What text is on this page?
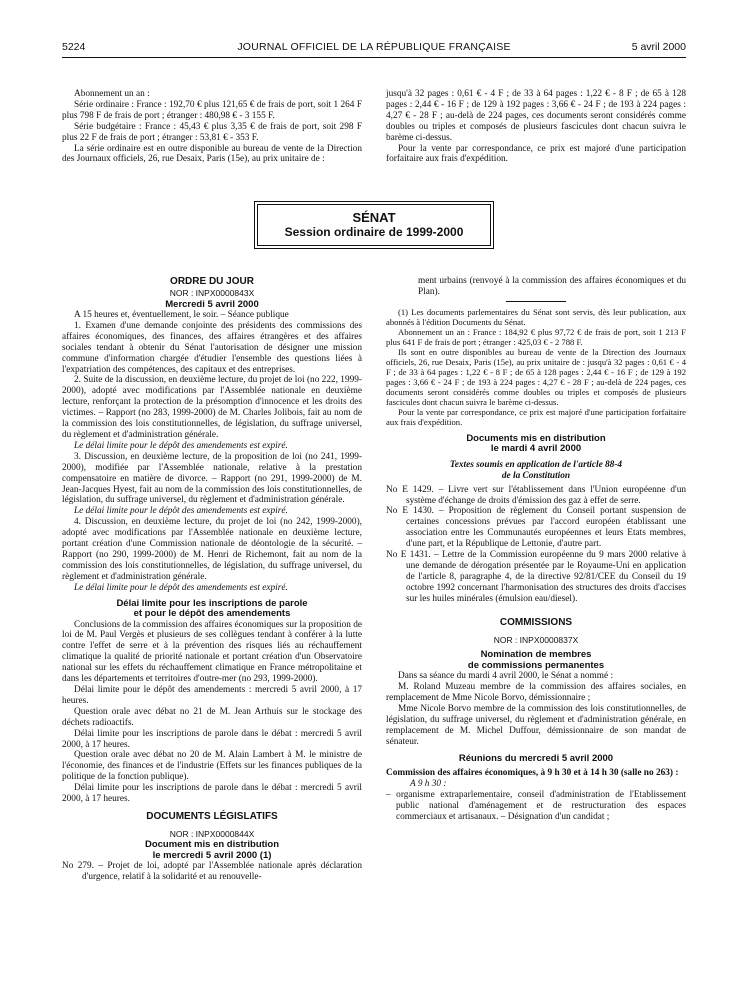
5224	JOURNAL OFFICIEL DE LA RÉPUBLIQUE FRANÇAISE	5 avril 2000

Abonnement un an :

Série ordinaire : France : 192,70 € plus 121,65 € de frais de port, soit 1 264 F plus 798 F de frais de port ; étranger : 480,98 € - 3 155 F.

Série budgétaire : France : 45,43 € plus 3,35 € de frais de port, soit 298 F plus 22 F de frais de port ; étranger : 53,81 € - 353 F.

La série ordinaire est en outre disponible au bureau de vente de la Direction des Journaux officiels, 26, rue Desaix, Paris (15e), au prix unitaire de :

jusqu'à 32 pages : 0,61 € - 4 F ; de 33 à 64 pages : 1,22 € - 8 F ; de 65 à 128 pages : 2,44 € - 16 F ; de 129 à 192 pages : 3,66 € - 24 F ; de 193 à 224 pages : 4,27 € - 28 F ; au-delà de 224 pages, ces documents seront considérés comme doubles ou triples et composés de plusieurs fascicules dont chacun suivra le barème ci-dessus.

Pour la vente par correspondance, ce prix est majoré d'une participation forfaitaire aux frais d'expédition.

SÉNAT
Session ordinaire de 1999-2000

ORDRE DU JOUR

NOR : INPX0000843X

Mercredi 5 avril 2000

A 15 heures et, éventuellement, le soir. – Séance publique

1. Examen d'une demande conjointe des présidents des commissions des affaires économiques, des finances, des affaires étrangères et des affaires sociales tendant à obtenir du Sénat l'autorisation de désigner une mission commune d'information chargée d'étudier l'ensemble des questions liées à l'expatriation des compétences, des capitaux et des entreprises.

2. Suite de la discussion, en deuxième lecture, du projet de loi (no 222, 1999-2000), adopté avec modifications par l'Assemblée nationale en deuxième lecture, renforçant la protection de la présomption d'innocence et les droits des victimes. – Rapport (no 283, 1999-2000) de M. Charles Jolibois, fait au nom de la commission des lois constitutionnelles, de législation, du suffrage universel, du règlement et d'administration générale.

Le délai limite pour le dépôt des amendements est expiré.

3. Discussion, en deuxième lecture, de la proposition de loi (no 241, 1999-2000), modifiée par l'Assemblée nationale, relative à la prestation compensatoire en matière de divorce. – Rapport (no 291, 1999-2000) de M. Jean-Jacques Hyest, fait au nom de la commission des lois constitutionnelles, de législation, du suffrage universel, du règlement et d'administration générale.

Le délai limite pour le dépôt des amendements est expiré.

4. Discussion, en deuxième lecture, du projet de loi (no 242, 1999-2000), adopté avec modifications par l'Assemblée nationale en deuxième lecture, portant création d'une Commission nationale de déontologie de la sécurité. – Rapport (no 290, 1999-2000) de M. Henri de Richemont, fait au nom de la commission des lois constitutionnelles, de législation, du suffrage universel, du règlement et d'administration générale.

Le délai limite pour le dépôt des amendements est expiré.

Délai limite pour les inscriptions de parole

et pour le dépôt des amendements

Conclusions de la commission des affaires économiques sur la proposition de loi de M. Paul Vergès et plusieurs de ses collègues tendant à conférer à la lutte contre l'effet de serre et à la prévention des risques liés au réchauffement climatique la qualité de priorité nationale et portant création d'un Observatoire national sur les effets du réchauffement climatique en France métropolitaine et dans les départements et territoires d'outre-mer (no 293, 1999-2000).

Délai limite pour le dépôt des amendements : mercredi 5 avril 2000, à 17 heures.

Question orale avec débat no 21 de M. Jean Arthuis sur le stockage des déchets radioactifs.

Délai limite pour les inscriptions de parole dans le débat : mercredi 5 avril 2000, à 17 heures.

Question orale avec débat no 20 de M. Alain Lambert à M. le ministre de l'économie, des finances et de l'industrie (Effets sur les finances publiques de la politique de la fonction publique).

Délai limite pour les inscriptions de parole dans le débat : mercredi 5 avril 2000, à 17 heures.

DOCUMENTS LÉGISLATIFS

NOR : INPX0000844X

Document mis en distribution

le mercredi 5 avril 2000 (1)

No 279. – Projet de loi, adopté par l'Assemblée nationale après déclaration d'urgence, relatif à la solidarité et au renouvelle-

ment urbains (renvoyé à la commission des affaires économiques et du Plan).

(1) Les documents parlementaires du Sénat sont servis, dès leur publication, aux abonnés à l'édition Documents du Sénat.

Abonnement un an : France : 184,92 € plus 97,72 € de frais de port, soit 1 213 F plus 641 F de frais de port ; étranger : 425,03 € - 2 788 F.

Ils sont en outre disponibles au bureau de vente de la Direction des Journaux officiels, 26, rue Desaix, Paris (15e), au prix unitaire de : jusqu'à 32 pages : 0,61 € - 4 F ; de 33 à 64 pages : 1,22 € - 8 F ; de 65 à 128 pages : 2,44 € - 16 F ; de 129 à 192 pages : 3,66 € - 24 F ; de 193 à 224 pages : 4,27 € - 28 F ; au-delà de 224 pages, ces documents seront considérés comme doubles ou triples et composés de plusieurs fascicules dont chacun suivra le barème ci-dessus.

Pour la vente par correspondance, ce prix est majoré d'une participation forfaitaire aux frais d'expédition.

Documents mis en distribution

le mardi 4 avril 2000

Textes soumis en application de l'article 88-4

de la Constitution

No E 1429. – Livre vert sur l'établissement dans l'Union européenne d'un système d'échange de droits d'émission des gaz à effet de serre.

No E 1430. – Proposition de règlement du Conseil portant suspension de certaines concessions prévues par l'accord européen établissant une association entre les Communautés européennes et leurs Etats membres, d'une part, et la République de Lettonie, d'autre part.

No E 1431. – Lettre de la Commission européenne du 9 mars 2000 relative à une demande de dérogation présentée par le Royaume-Uni en application de l'article 8, paragraphe 4, de la directive 92/81/CEE du Conseil du 19 octobre 1992 concernant l'harmonisation des structures des droits d'accises sur les huiles minérales (émulsion eau/diesel).

COMMISSIONS

NOR : INPX0000837X

Nomination de membres

de commissions permanentes

Dans sa séance du mardi 4 avril 2000, le Sénat a nommé :

M. Roland Muzeau membre de la commission des affaires sociales, en remplacement de Mme Nicole Borvo, démissionnaire ;

Mme Nicole Borvo membre de la commission des lois constitutionnelles, de législation, du suffrage universel, du règlement et d'administration générale, en remplacement de M. Michel Duffour, démissionnaire de son mandat de sénateur.

Réunions du mercredi 5 avril 2000

Commission des affaires économiques, à 9 h 30 et à 14 h 30 (salle no 263) :

A 9 h 30 :

– organisme extraparlementaire, conseil d'administration de l'Etablissement public national d'aménagement et de restructuration des espaces commerciaux et artisanaux. – Désignation d'un candidat ;
